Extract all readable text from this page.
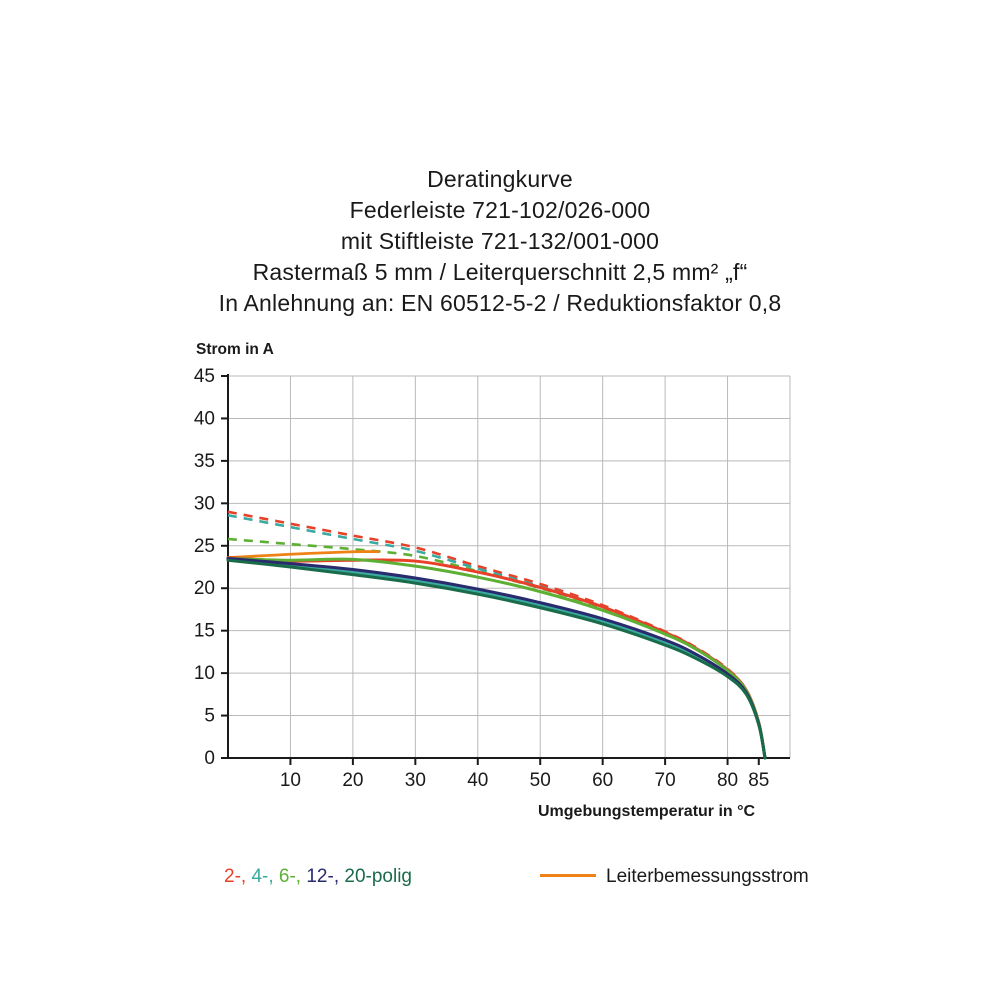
Deratingkurve
Federleiste 721-102/026-000
mit Stiftleiste 721-132/001-000
Rastermaß 5 mm / Leiterquerschnitt 2,5 mm² „f“
In Anlehnung an: EN 60512-5-2 / Reduktionsfaktor 0,8
Strom in A
Umgebungstemperatur in °C
0
5
10
15
20
25
30
35
40
45
10 20 30 40 50 60 70 80 85
2-, 4-, 6-, 12-, 20-polig	Leiterbemessungsstrom
